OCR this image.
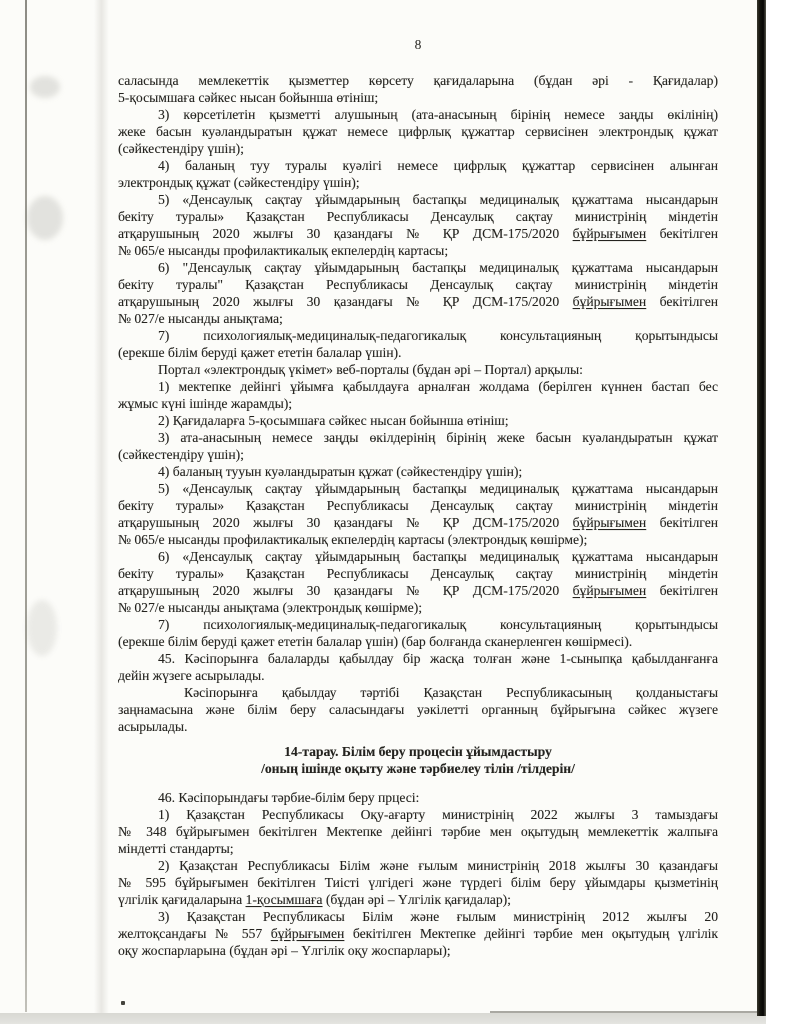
8
саласында мемлекеттік қызметтер көрсету қағидаларына (бұдан әрі - Қағидалар)
5-қосымшаға сәйкес нысан бойынша өтініш;
3) көрсетілетін қызметті алушының (ата-анасының бірінің немесе заңды өкілінің)
жеке басын куәландыратын құжат немесе цифрлық құжаттар сервисінен электрондық құжат
(сәйкестендіру үшін);
4) баланың туу туралы куәлігі немесе цифрлық құжаттар сервисінен алынған
электрондық құжат (сәйкестендіру үшін);
5) «Денсаулық сақтау ұйымдарының бастапқы медициналық құжаттама нысандарын
бекіту туралы» Қазақстан Республикасы Денсаулық сақтау министрінің міндетін
атқарушының 2020 жылғы 30 қазандағы № ҚР ДСМ-175/2020 бұйрығымен бекітілген
№ 065/е нысанды профилактикалық екпелердің картасы;
6) "Денсаулық сақтау ұйымдарының бастапқы медициналық құжаттама нысандарын
бекіту туралы" Қазақстан Республикасы Денсаулық сақтау министрінің міндетін
атқарушының 2020 жылғы 30 қазандағы № ҚР ДСМ-175/2020 бұйрығымен бекітілген
№ 027/е нысанды анықтама;
7) психологиялық-медициналық-педагогикалық консультацияның қорытындысы
(ерекше білім беруді қажет ететін балалар үшін).
Портал «электрондық үкімет» веб-порталы (бұдан әрі – Портал) арқылы:
1) мектепке дейінгі ұйымға қабылдауға арналған жолдама (берілген күннен бастап бес
жұмыс күні ішінде жарамды);
2) Қағидаларға 5-қосымшаға сәйкес нысан бойынша өтініш;
3) ата-анасының немесе заңды өкілдерінің бірінің жеке басын куәландыратын құжат
(сәйкестендіру үшін);
4) баланың тууын куәландыратын құжат (сәйкестендіру үшін);
5) «Денсаулық сақтау ұйымдарының бастапқы медициналық құжаттама нысандарын
бекіту туралы» Қазақстан Республикасы Денсаулық сақтау министрінің міндетін
атқарушының 2020 жылғы 30 қазандағы № ҚР ДСМ-175/2020 бұйрығымен бекітілген
№ 065/е нысанды профилактикалық екпелердің картасы (электрондық көшірме);
6) «Денсаулық сақтау ұйымдарының бастапқы медициналық құжаттама нысандарын
бекіту туралы» Қазақстан Республикасы Денсаулық сақтау министрінің міндетін
атқарушының 2020 жылғы 30 қазандағы № ҚР ДСМ-175/2020 бұйрығымен бекітілген
№ 027/е нысанды анықтама (электрондық көшірме);
7) психологиялық-медициналық-педагогикалық консультацияның қорытындысы
(ерекше білім беруді қажет ететін балалар үшін) (бар болғанда сканерленген көшірмесі).
45. Кәсіпорынға балаларды қабылдау бір жасқа толған және 1-сыныпқа қабылданғанға
дейін жүзеге асырылады.
Кәсіпорынға қабылдау тәртібі Қазақстан Республикасының қолданыстағы
заңнамасына және білім беру саласындағы уәкілетті органның бұйрығына сәйкес жүзеге
асырылады.
14-тарау. Білім беру процесін ұйымдастыру
/оның ішінде оқыту және тәрбиелеу тілін /тілдерін/
46. Кәсіпорындағы тәрбие-білім беру прцесі:
1) Қазақстан Республикасы Оқу-ағарту министрінің 2022 жылғы 3 тамыздағы
№ 348 бұйрығымен бекітілген Мектепке дейінгі тәрбие мен оқытудың мемлекеттік жалпыға
міндетті стандарты;
2) Қазақстан Республикасы Білім және ғылым министрінің 2018 жылғы 30 қазандағы
№ 595 бұйрығымен бекітілген Тиісті үлгідегі және түрдегі білім беру ұйымдары қызметінің
үлгілік қағидаларына 1-қосымшаға (бұдан әрі – Үлгілік қағидалар);
3) Қазақстан Республикасы Білім және ғылым министрінің 2012 жылғы 20
желтоқсандағы № 557 бұйрығымен бекітілген Мектепке дейінгі тәрбие мен оқытудың үлгілік
оқу жоспарларына (бұдан әрі – Үлгілік оқу жоспарлары);
